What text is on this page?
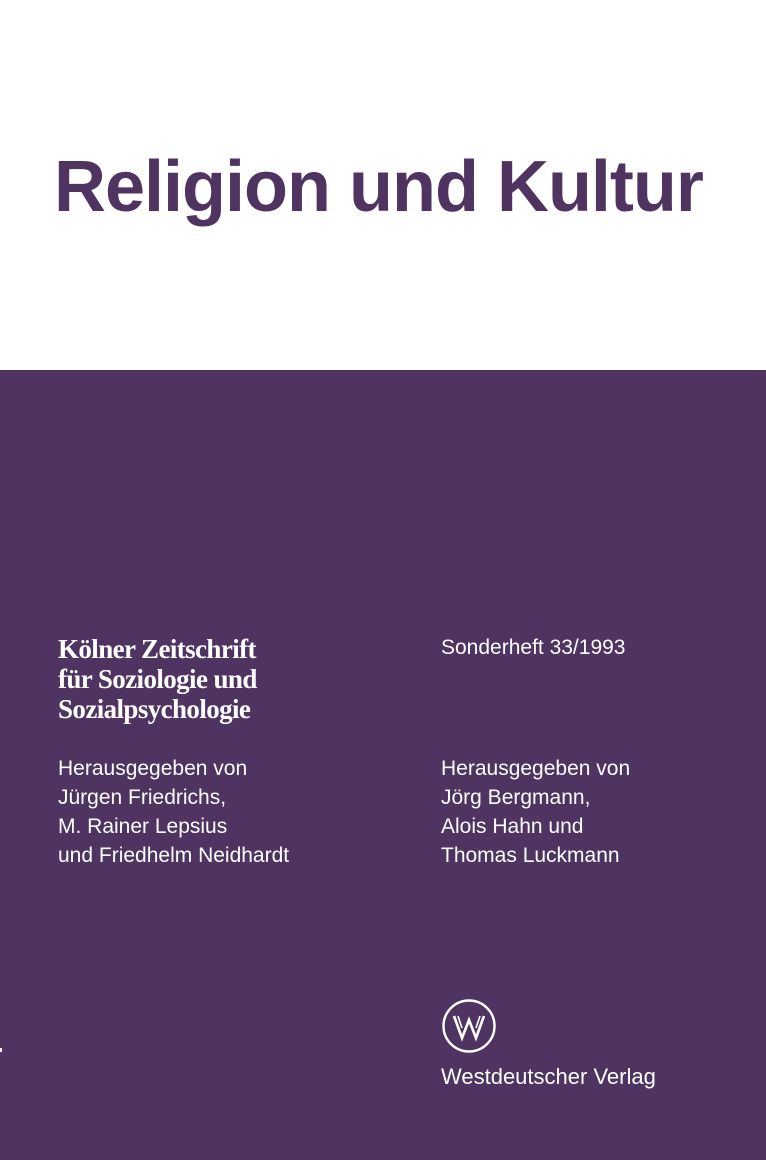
Religion und Kultur
Kölner Zeitschrift
für Soziologie und
Sozialpsychologie
Sonderheft 33/1993
Herausgegeben von
Jürgen Friedrichs,
M. Rainer Lepsius
und Friedhelm Neidhardt
Herausgegeben von
Jörg Bergmann,
Alois Hahn und
Thomas Luckmann
Westdeutscher Verlag
